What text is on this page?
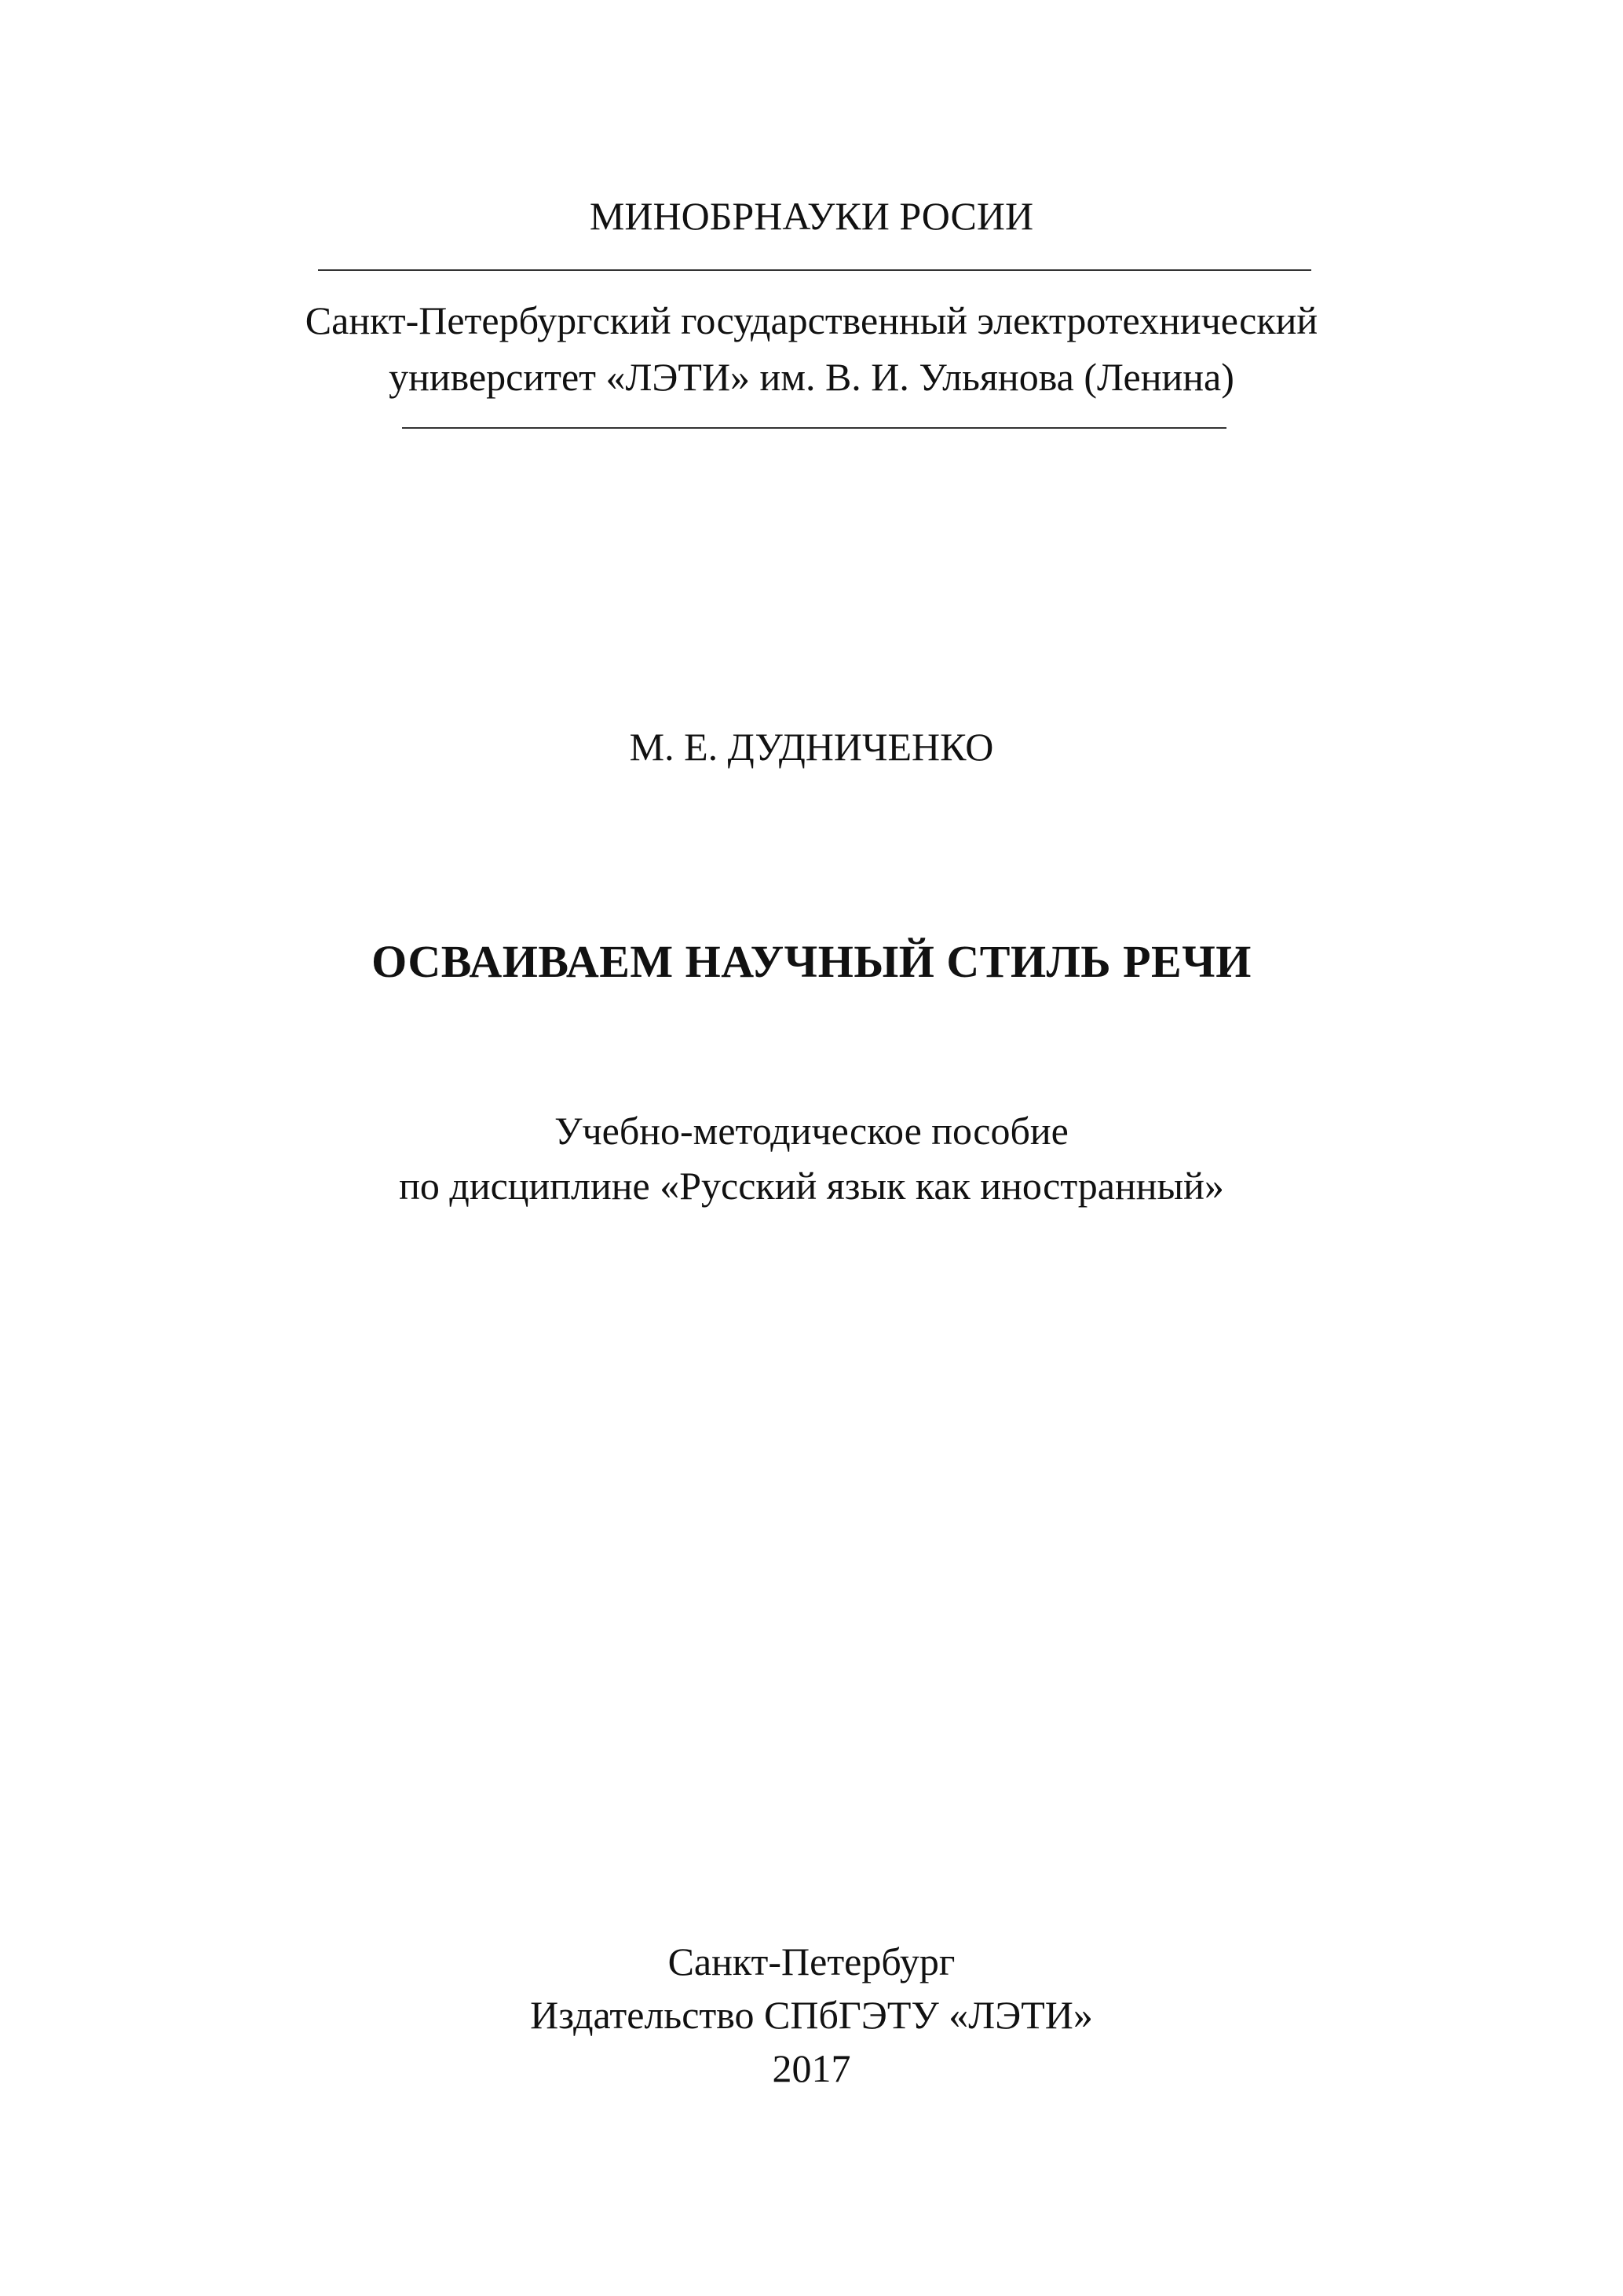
МИНОБРНАУКИ РОСИИ
Санкт-Петербургский государственный электротехнический
университет «ЛЭТИ» им. В. И. Ульянова (Ленина)
М. Е. ДУДНИЧЕНКО
ОСВАИВАЕМ НАУЧНЫЙ СТИЛЬ РЕЧИ
Учебно-методическое пособие
по дисциплине «Русский язык как иностранный»
Санкт-Петербург
Издательство СПбГЭТУ «ЛЭТИ»
2017
